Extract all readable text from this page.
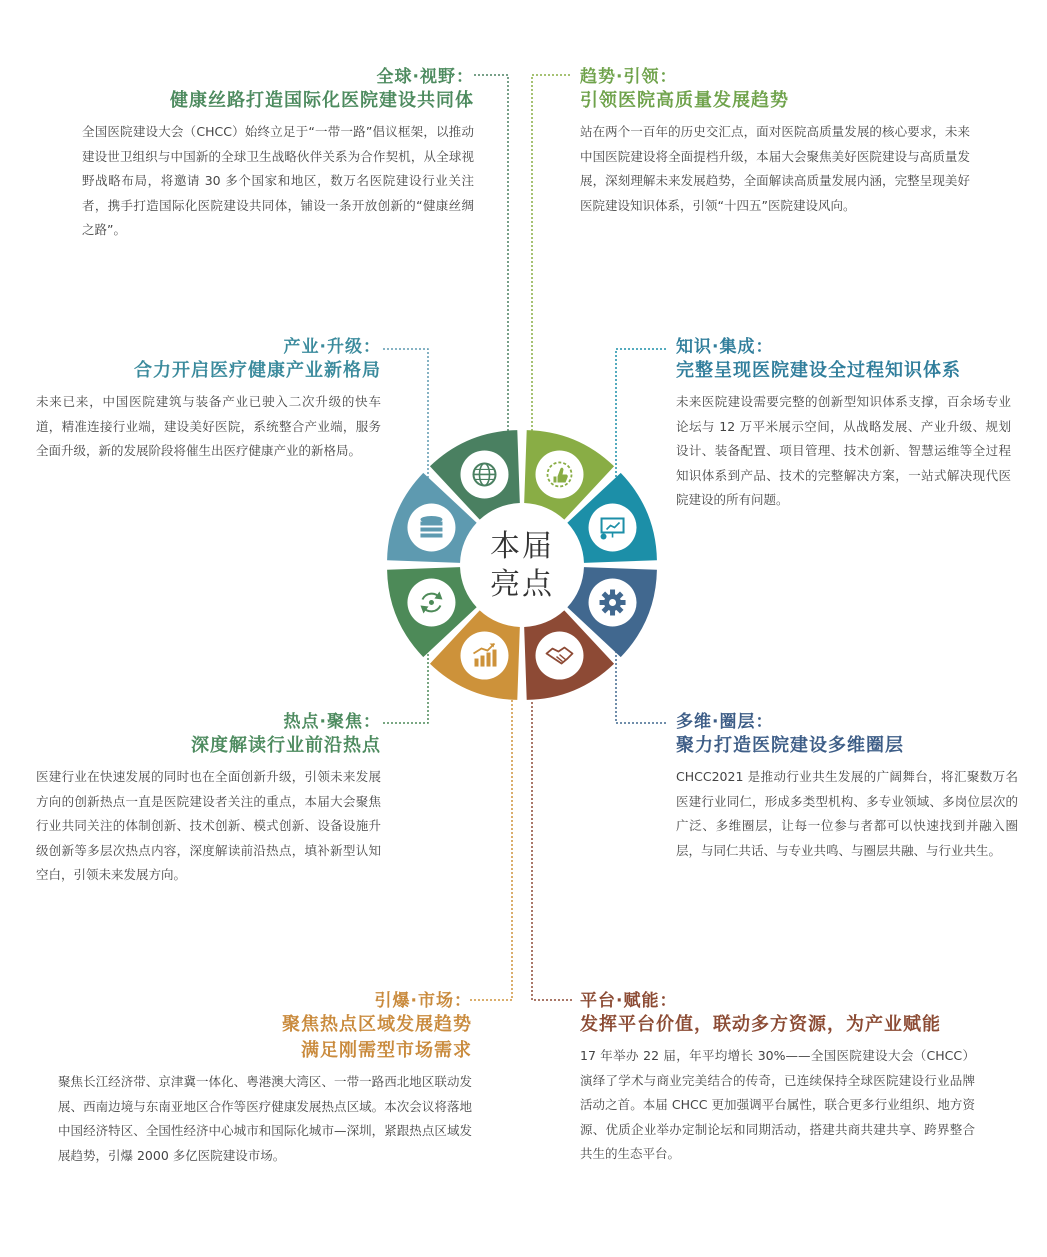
本届
亮点
全球·视野：
健康丝路打造国际化医院建设共同体
全国医院建设大会（CHCC）始终立足于“一带一路”倡议框架，以推动建设世卫组织与中国新的全球卫生战略伙伴关系为合作契机，从全球视野战略布局，将邀请 30 多个国家和地区，数万名医院建设行业关注者，携手打造国际化医院建设共同体，铺设一条开放创新的“健康丝绸之路”。
趋势·引领：
引领医院高质量发展趋势
站在两个一百年的历史交汇点，面对医院高质量发展的核心要求，未来中国医院建设将全面提档升级，本届大会聚焦美好医院建设与高质量发展，深刻理解未来发展趋势，全面解读高质量发展内涵，完整呈现美好医院建设知识体系，引领“十四五”医院建设风向。
产业·升级：
合力开启医疗健康产业新格局
未来已来，中国医院建筑与装备产业已驶入二次升级的快车道，精准连接行业端，建设美好医院，系统整合产业端，服务全面升级，新的发展阶段将催生出医疗健康产业的新格局。
知识·集成：
完整呈现医院建设全过程知识体系
未来医院建设需要完整的创新型知识体系支撑，百余场专业论坛与 12 万平米展示空间，从战略发展、产业升级、规划设计、装备配置、项目管理、技术创新、智慧运维等全过程知识体系到产品、技术的完整解决方案，一站式解决现代医院建设的所有问题。
热点·聚焦：
深度解读行业前沿热点
医建行业在快速发展的同时也在全面创新升级，引领未来发展方向的创新热点一直是医院建设者关注的重点，本届大会聚焦行业共同关注的体制创新、技术创新、模式创新、设备设施升级创新等多层次热点内容，深度解读前沿热点，填补新型认知空白，引领未来发展方向。
多维·圈层：
聚力打造医院建设多维圈层
CHCC2021 是推动行业共生发展的广阔舞台，将汇聚数万名医建行业同仁，形成多类型机构、多专业领域、多岗位层次的广泛、多维圈层，让每一位参与者都可以快速找到并融入圈层，与同仁共话、与专业共鸣、与圈层共融、与行业共生。
引爆·市场：
聚焦热点区域发展趋势
满足刚需型市场需求
聚焦长江经济带、京津冀一体化、粤港澳大湾区、一带一路西北地区联动发展、西南边境与东南亚地区合作等医疗健康发展热点区域。本次会议将落地中国经济特区、全国性经济中心城市和国际化城市—深圳，紧跟热点区域发展趋势，引爆 2000 多亿医院建设市场。
平台·赋能：
发挥平台价值，联动多方资源，为产业赋能
17 年举办 22 届，年平均增长 30%——全国医院建设大会（CHCC）演绎了学术与商业完美结合的传奇，已连续保持全球医院建设行业品牌活动之首。本届 CHCC 更加强调平台属性，联合更多行业组织、地方资源、优质企业举办定制论坛和同期活动，搭建共商共建共享、跨界整合共生的生态平台。
